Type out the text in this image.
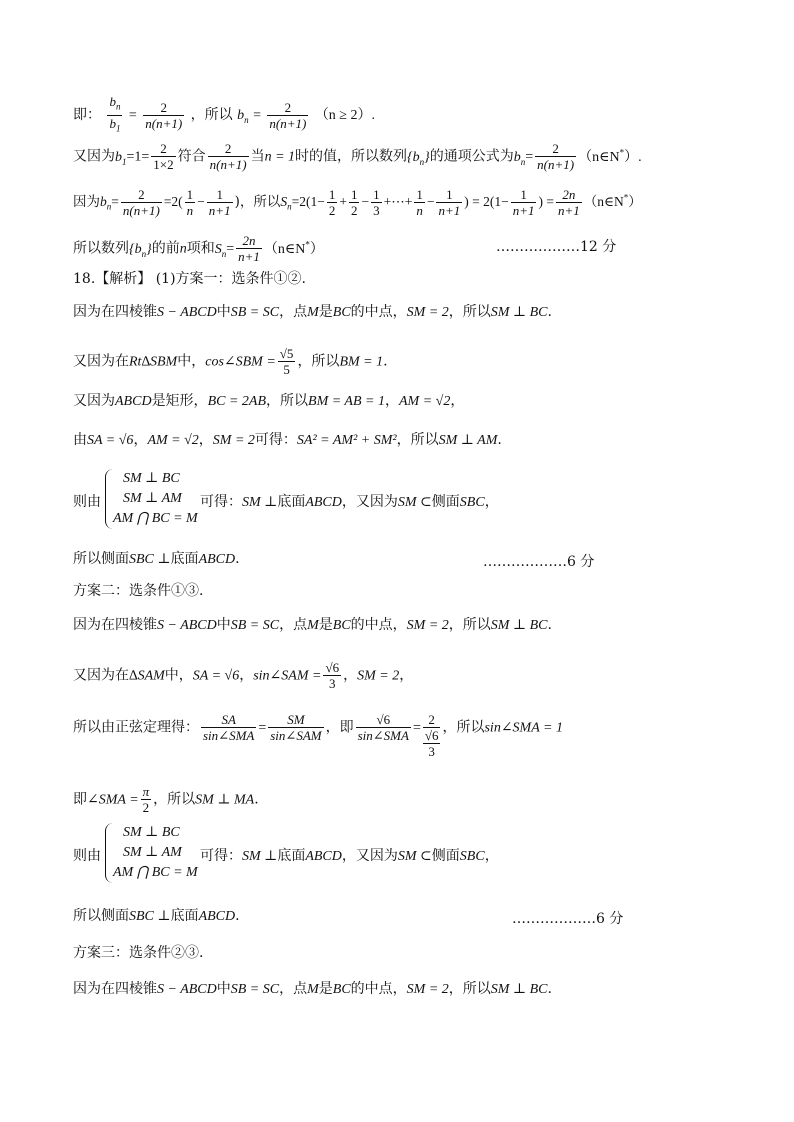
即： $\frac{b_n}{b_1} = \frac{2}{n(n+1)}$ ，所以 $b_n = \frac{2}{n(n+1)} (n \ge 2)$.
又因为$b_1=1= \frac{2}{1\times 2}$ 符合 $\frac{2}{n(n+1)}$ 当n = 1时的值，所以数列$\{b_n\}$的通项公式为$b_n= \frac{2}{n(n+1)}$ （n∈N*）.
因为$b_n= \frac{2}{n(n+1)} =2( \frac{1}{n} - \frac{1}{n+1}$ )，所以$S_n=2(1- \frac{1}{2} + \frac{1}{2} - \frac{1}{3}$ +⋯+ $\frac{1}{n} - \frac{1}{n+1}$ ) = $2(1- \frac{1}{n+1}$ ) = $\frac{2n}{n+1}$ （n∈N*）
所以数列$\{b_n\}$的前n项和$S_n= \frac{2n}{n+1}$ （n∈N*）	………………12 分
18.【解析】 (1)方案一：选条件①②.
因为在四棱锥S − ABCD中SB = SC，点M是BC的中点，SM = 2，所以SM ⊥ BC.
又因为在Rt∆SBM中，cos∠SBM = $\frac{√5}{5}$ ，所以BM = 1.
又因为ABCD是矩形，BC = 2AB，所以BM = AB = 1，AM = √2，
由SA = √6，AM = √2，SM = 2可得：SA² = AM² + SM²，所以SM ⊥ AM.
则由
SM ⊥ BC
SM ⊥ AM
AM ⋂ BC = M
可得：SM ⊥底面ABCD，又因为SM ⊂侧面SBC，
所以侧面SBC ⊥底面ABCD.	………………6 分
方案二：选条件①③.
因为在四棱锥S − ABCD中SB = SC，点M是BC的中点，SM = 2，所以SM ⊥ BC.
又因为在∆SAM中，SA = √6，sin∠SAM = $\frac{√6}{3}$ ，SM = 2，
所以由正弦定理得： $\frac{SA}{\text{sin∠SMA}} = \frac{SM}{\text{sin∠SAM}}$ ，即 $\frac{√6}{\text{sin∠SMA}}$ =
2
√6
3
，所以sin∠SMA = 1
即∠SMA = $\frac{\pi}{2}$ ，所以SM ⊥ MA.
则由
SM ⊥ BC
SM ⊥ AM
AM ⋂ BC = M
可得：SM ⊥底面ABCD，又因为SM ⊂侧面SBC，
所以侧面SBC ⊥底面ABCD.	………………6 分
方案三：选条件②③.
因为在四棱锥S − ABCD中SB = SC，点M是BC的中点，SM = 2，所以SM ⊥ BC.
